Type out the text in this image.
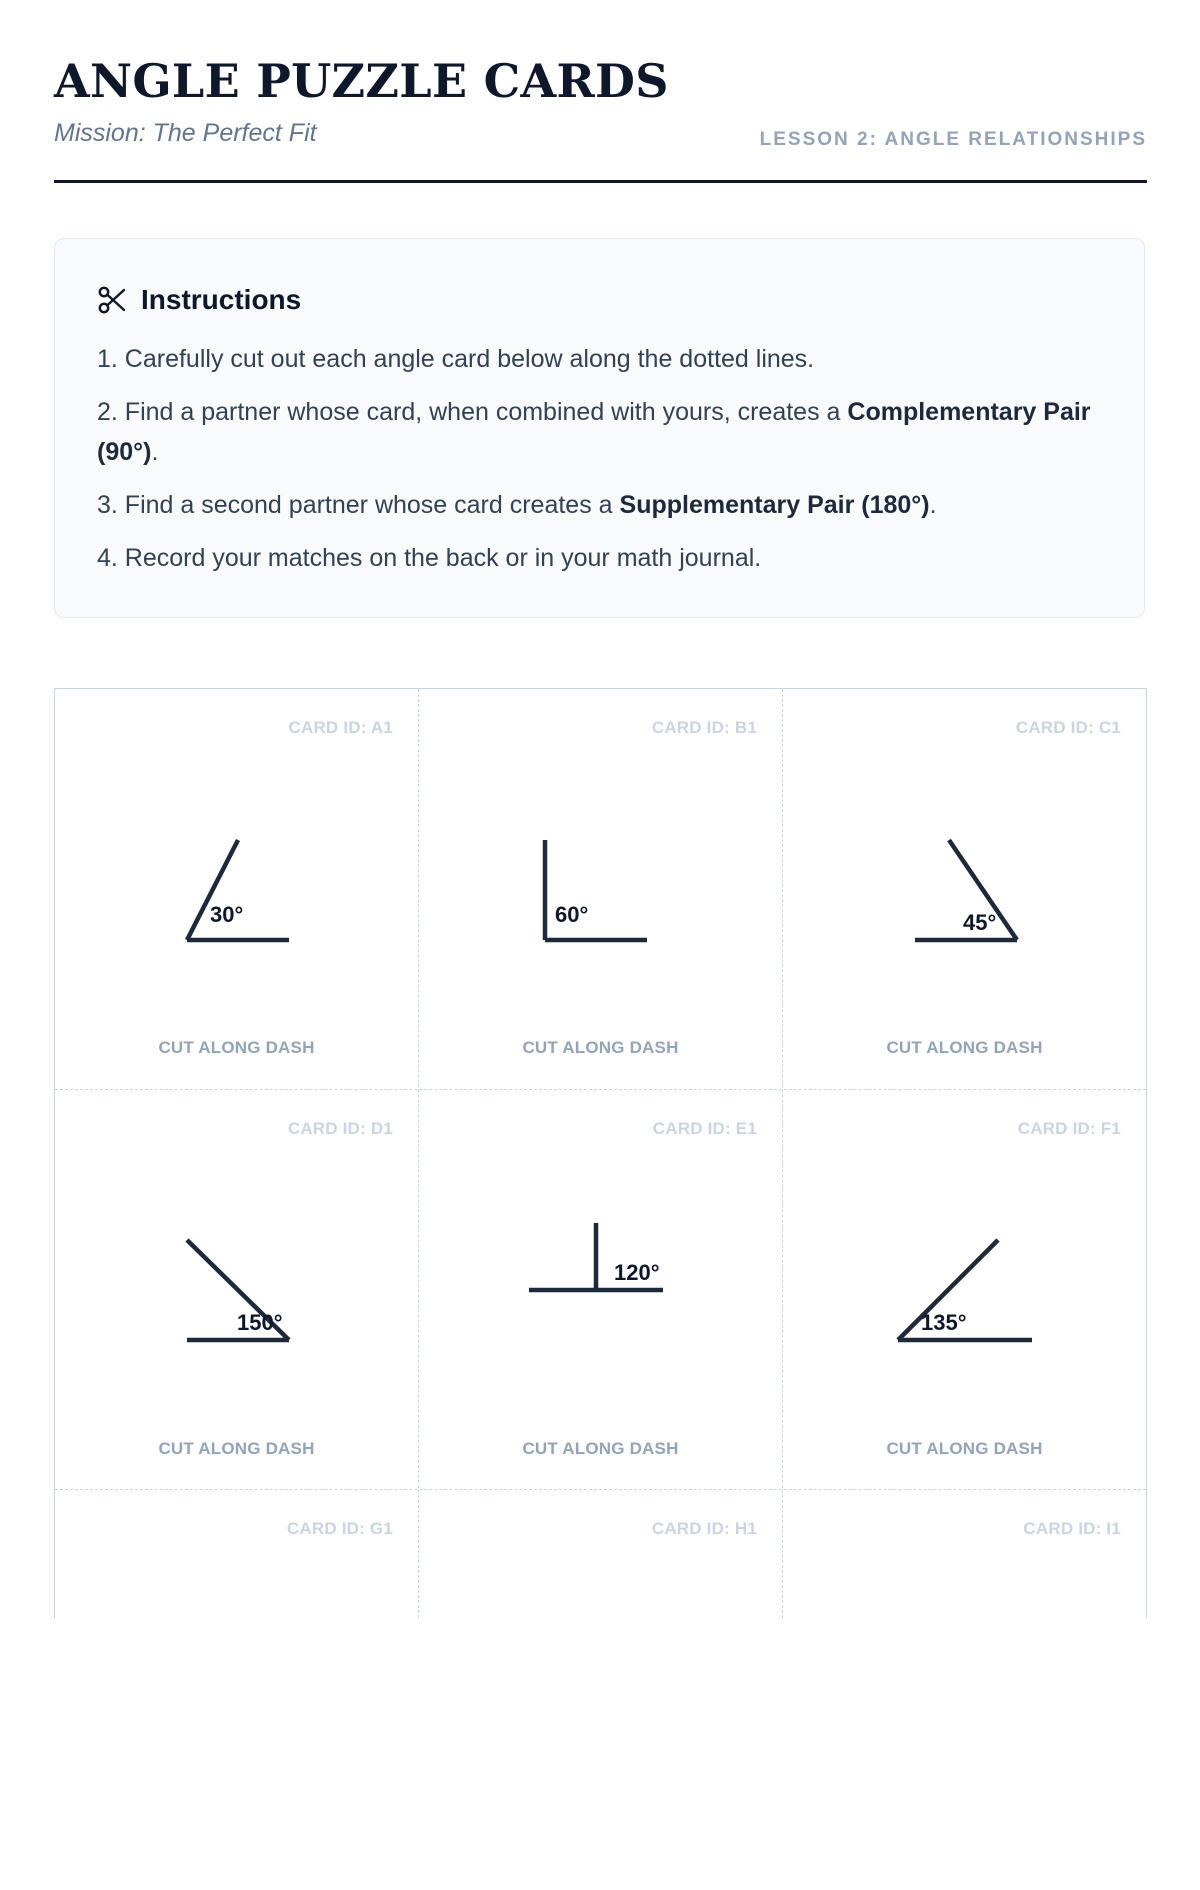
ANGLE PUZZLE CARDS
Mission: The Perfect Fit	LESSON 2: ANGLE RELATIONSHIPS
Instructions
1. Carefully cut out each angle card below along the dotted lines.
2. Find a partner whose card, when combined with yours, creates a Complementary Pair (90°).
3. Find a second partner whose card creates a Supplementary Pair (180°).
4. Record your matches on the back or in your math journal.
CARD ID: A1
30°
CUT ALONG DASH
CARD ID: B1
60°
CUT ALONG DASH
CARD ID: C1
45°
CUT ALONG DASH
CARD ID: D1
150°
CUT ALONG DASH
CARD ID: E1
120°
CUT ALONG DASH
CARD ID: F1
135°
CUT ALONG DASH
CARD ID: G1	CARD ID: H1	CARD ID: I1
